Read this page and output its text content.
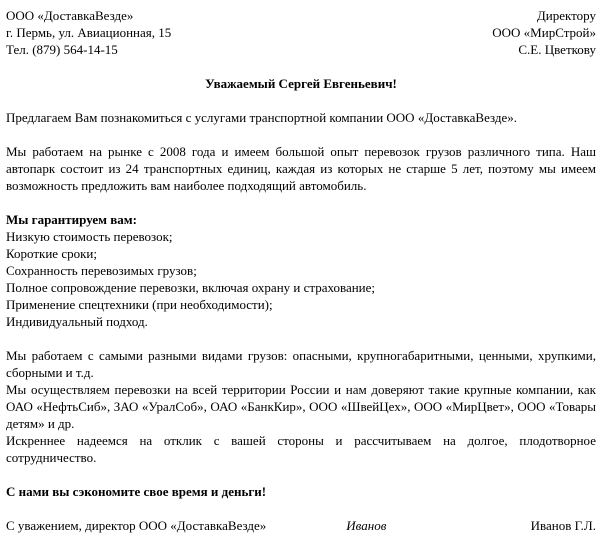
ООО «ДоставкаВезде»
г. Пермь, ул. Авиационная, 15
Тел. (879) 564-14-15
Директору
ООО «МирСтрой»
С.Е. Цветкову
Уважаемый Сергей Евгеньевич!

Предлагаем Вам познакомиться с услугами транспортной компании ООО «ДоставкаВезде».

Мы работаем на рынке с 2008 года и имеем большой опыт перевозок грузов различного типа. Наш автопарк состоит из 24 транспортных единиц, каждая из которых не старше 5 лет, поэтому мы имеем возможность предложить вам наиболее подходящий автомобиль.

Мы гарантируем вам:
Низкую стоимость перевозок;
Короткие сроки;
Сохранность перевозимых грузов;
Полное сопровождение перевозки, включая охрану и страхование;
Применение спецтехники (при необходимости);
Индивидуальный подход.

Мы работаем с самыми разными видами грузов: опасными, крупногабаритными, ценными, хрупкими, сборными и т.д.

Мы осуществляем перевозки на всей территории России и нам доверяют такие крупные компании, как ОАО «НефтьСиб», ЗАО «УралСоб», ОАО «БанкКир», ООО «ШвейЦех», ООО «МирЦвет», ООО «Товары детям» и др.

Искреннее надеемся на отклик с вашей стороны и рассчитываем на долгое, плодотворное сотрудничество.

С нами вы сэкономите свое время и деньги!
С уважением, директор ООО «ДоставкаВезде»	Иванов	Иванов Г.Л.
